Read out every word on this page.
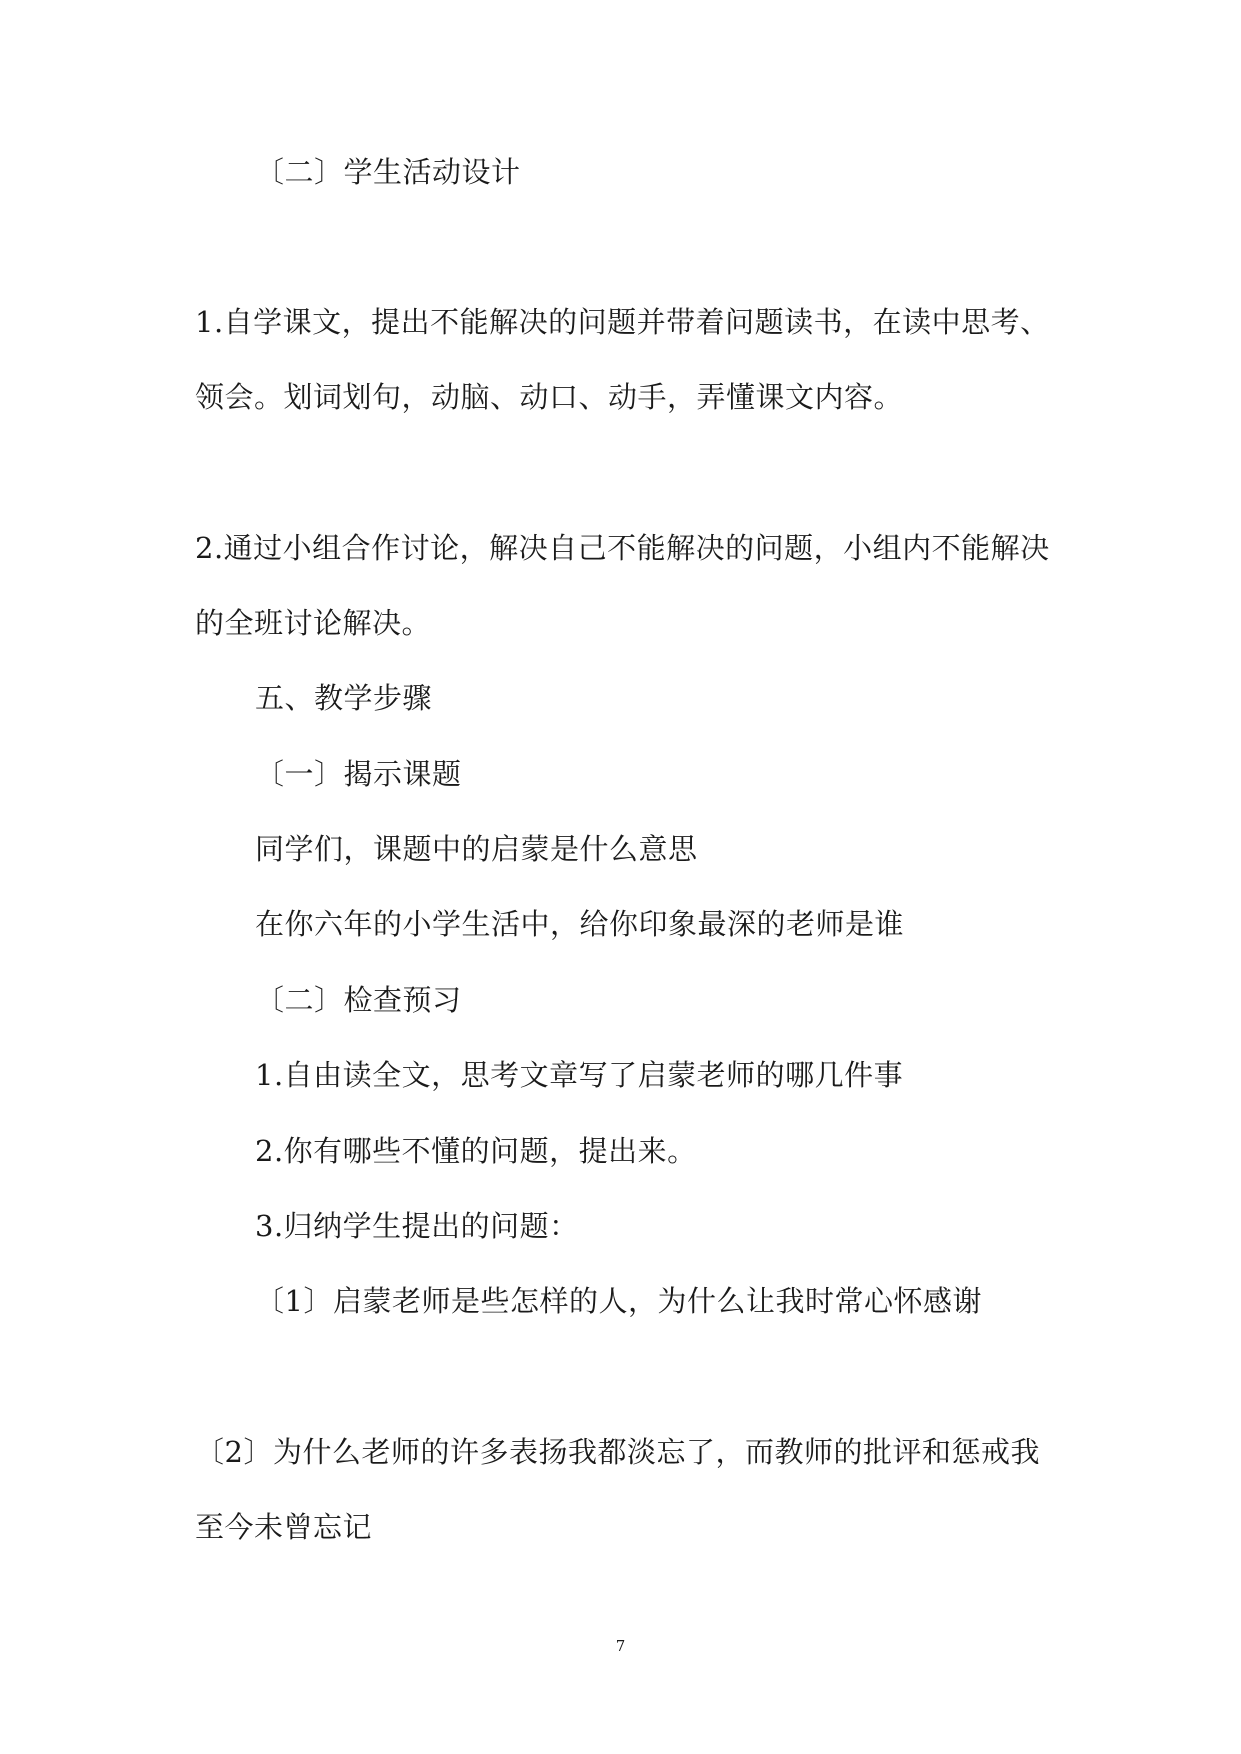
〔二〕学生活动设计
1.自学课文，提出不能解决的问题并带着问题读书，在读中思考、
领会。划词划句，动脑、动口、动手，弄懂课文内容。
2.通过小组合作讨论，解决自己不能解决的问题，小组内不能解决
的全班讨论解决。
五、教学步骤
〔一〕揭示课题
同学们，课题中的启蒙是什么意思
在你六年的小学生活中，给你印象最深的老师是谁
〔二〕检查预习
1.自由读全文，思考文章写了启蒙老师的哪几件事
2.你有哪些不懂的问题，提出来。
3.归纳学生提出的问题：
〔1〕启蒙老师是些怎样的人，为什么让我时常心怀感谢
〔2〕为什么老师的许多表扬我都淡忘了，而教师的批评和惩戒我
至今未曾忘记
7
